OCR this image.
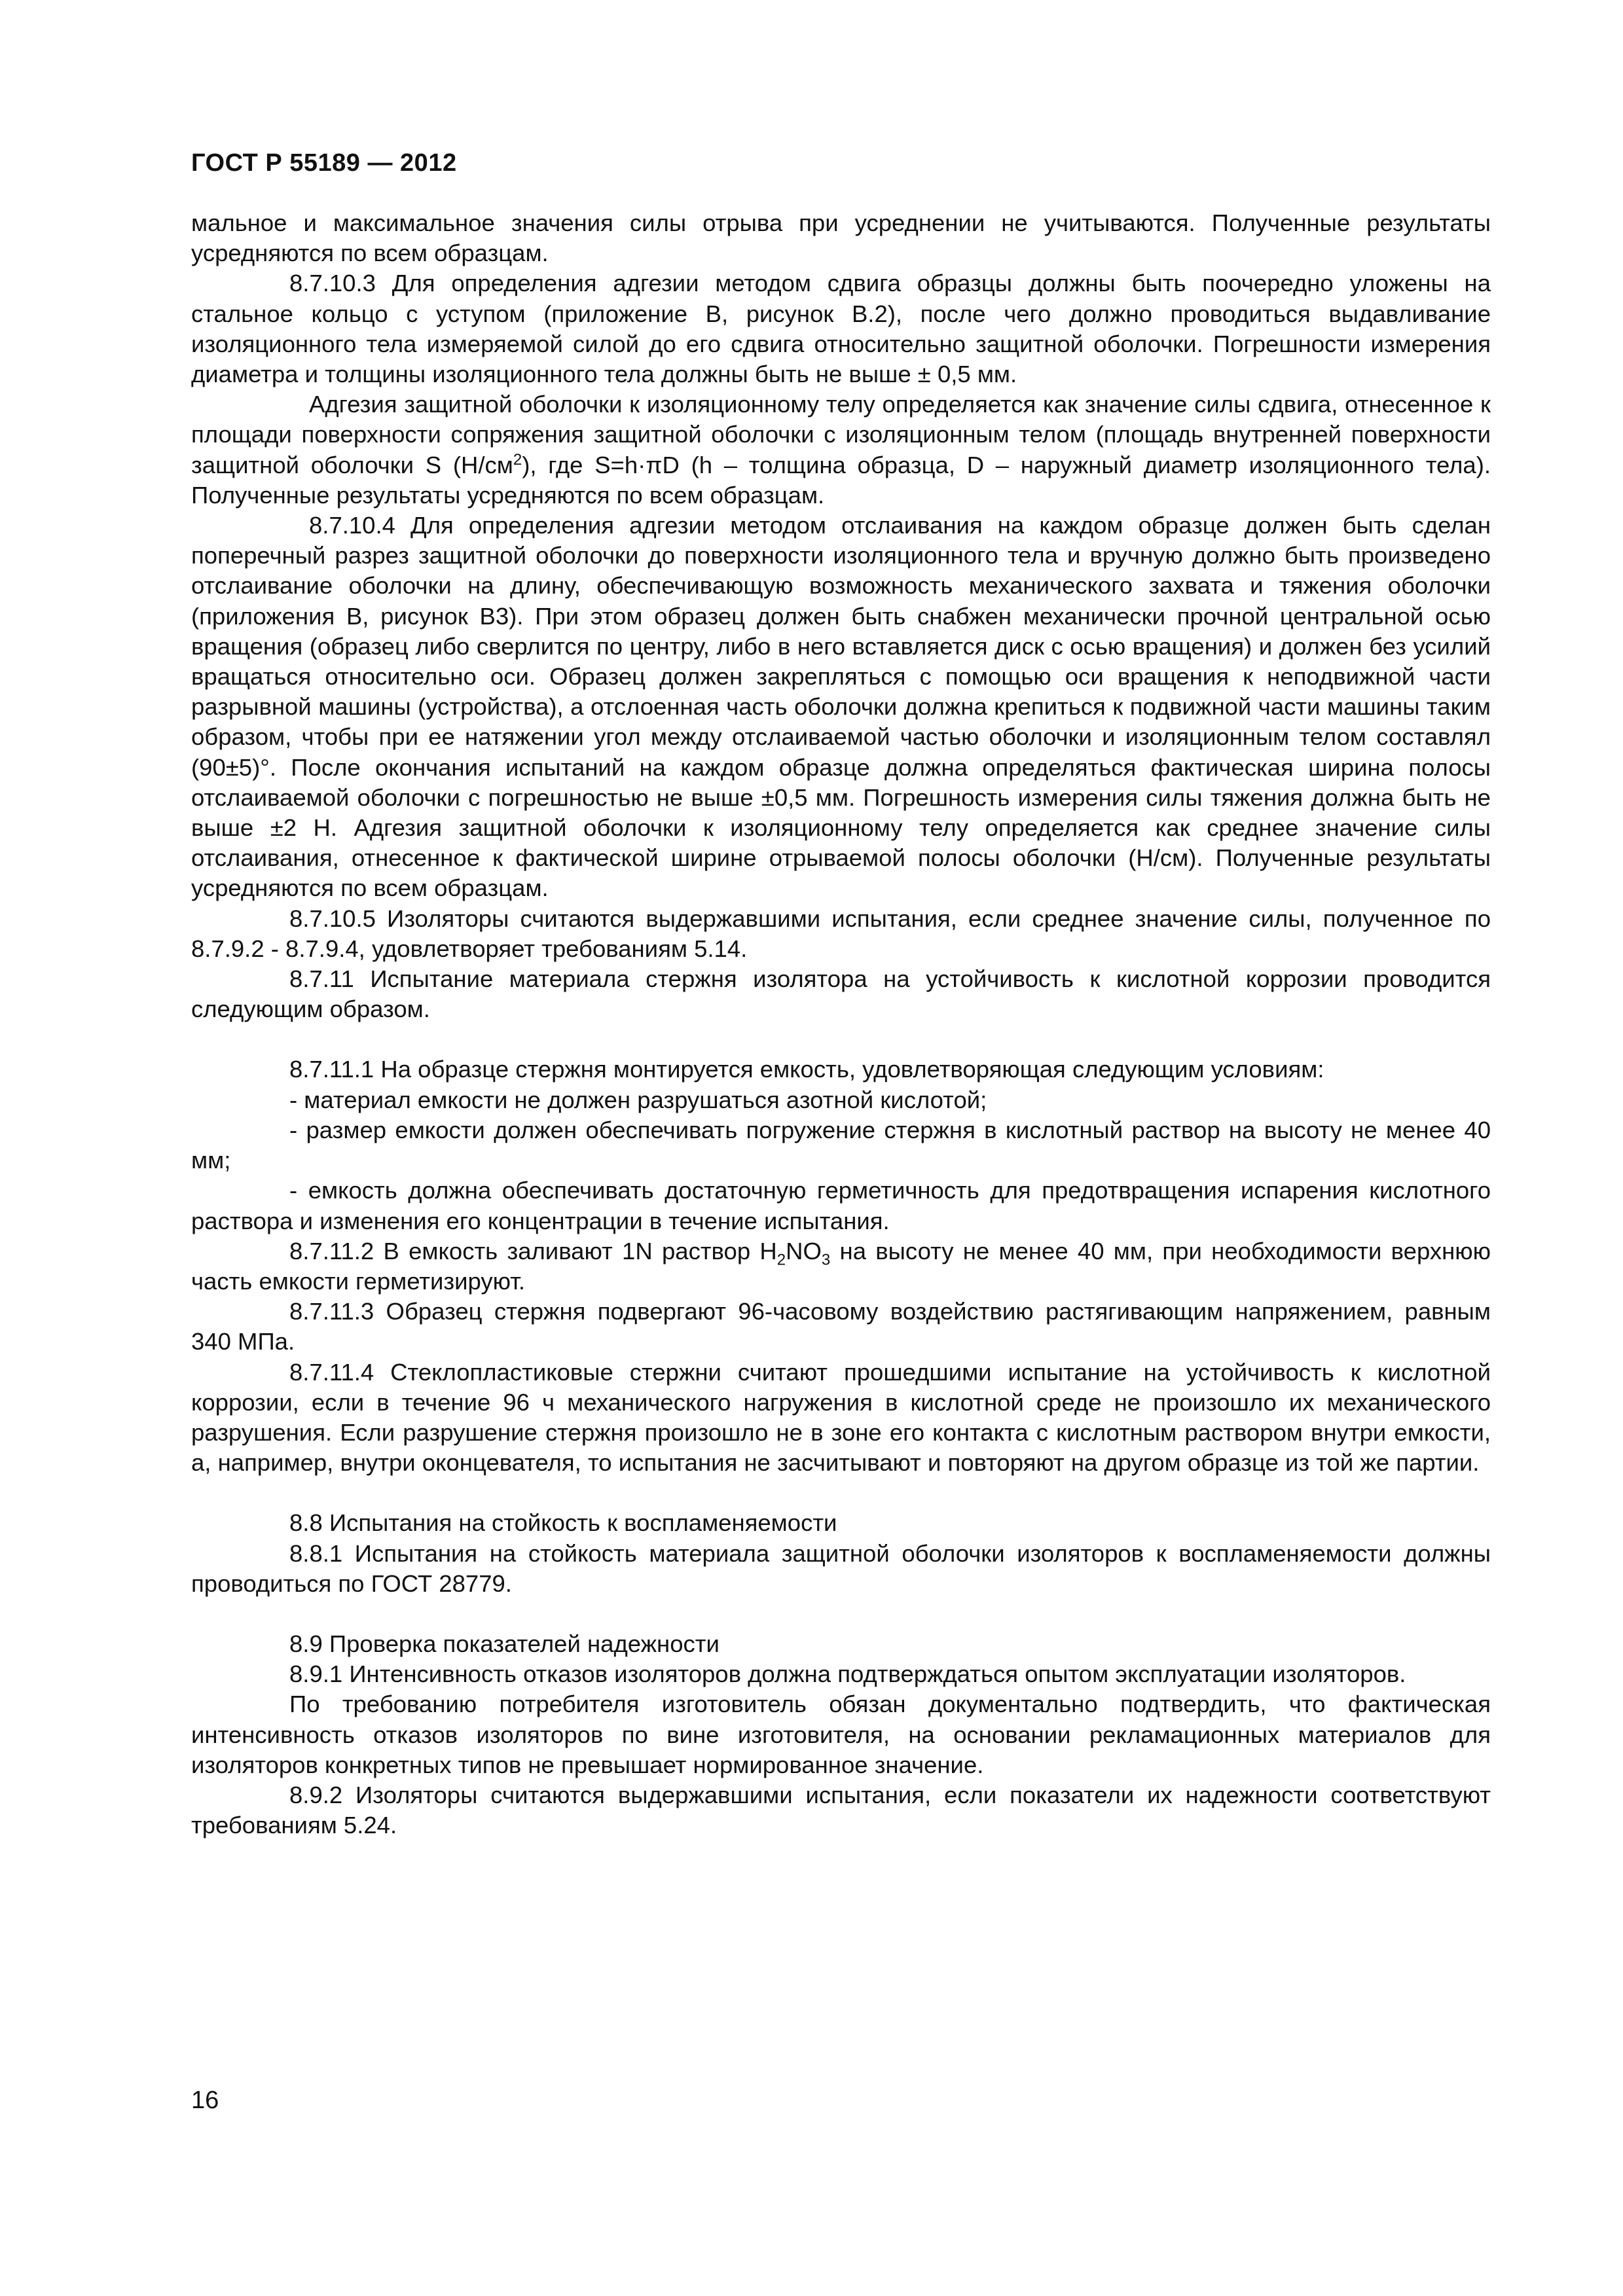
ГОСТ Р 55189 — 2012

мальное и максимальное значения силы отрыва при усреднении не учитываются. Полученные результаты усредняются по всем образцам.

8.7.10.3 Для определения адгезии методом сдвига образцы должны быть поочередно уложены на стальное кольцо с уступом (приложение В, рисунок В.2), после чего должно проводиться выдавливание изоляционного тела измеряемой силой до его сдвига относительно защитной оболочки. Погрешности измерения диаметра и толщины изоляционного тела должны быть не выше ± 0,5 мм.

Адгезия защитной оболочки к изоляционному телу определяется как значение силы сдвига, отнесенное к площади поверхности сопряжения защитной оболочки с изоляционным телом (площадь внутренней поверхности защитной оболочки S $(Н/см^2)$, где S=h·πD (h – толщина образца, D – наружный диаметр изоляционного тела). Полученные результаты усредняются по всем образцам.

8.7.10.4 Для определения адгезии методом отслаивания на каждом образце должен быть сделан поперечный разрез защитной оболочки до поверхности изоляционного тела и вручную должно быть произведено отслаивание оболочки на длину, обеспечивающую возможность механического захвата и тяжения оболочки (приложения В, рисунок В3). При этом образец должен быть снабжен механически прочной центральной осью вращения (образец либо сверлится по центру, либо в него вставляется диск с осью вращения) и должен без усилий вращаться относительно оси. Образец должен закрепляться с помощью оси вращения к неподвижной части разрывной машины (устройства), а отслоенная часть оболочки должна крепиться к подвижной части машины таким образом, чтобы при ее натяжении угол между отслаиваемой частью оболочки и изоляционным телом составлял (90±5)°. После окончания испытаний на каждом образце должна определяться фактическая ширина полосы отслаиваемой оболочки с погрешностью не выше ±0,5 мм. Погрешность измерения силы тяжения должна быть не выше ±2 Н. Адгезия защитной оболочки к изоляционному телу определяется как среднее значение силы отслаивания, отнесенное к фактической ширине отрываемой полосы оболочки (Н/см). Полученные результаты усредняются по всем образцам.

8.7.10.5 Изоляторы считаются выдержавшими испытания, если среднее значение силы, полученное по 8.7.9.2 - 8.7.9.4, удовлетворяет требованиям 5.14.

8.7.11 Испытание материала стержня изолятора на устойчивость к кислотной коррозии проводится следующим образом.

8.7.11.1 На образце стержня монтируется емкость, удовлетворяющая следующим условиям:

- материал емкости не должен разрушаться азотной кислотой;

- размер емкости должен обеспечивать погружение стержня в кислотный раствор на высоту не менее 40 мм;

- емкость должна обеспечивать достаточную герметичность для предотвращения испарения кислотного раствора и изменения его концентрации в течение испытания.

8.7.11.2 В емкость заливают 1N раствор $H_2NO_3$ на высоту не менее 40 мм, при необходимости верхнюю часть емкости герметизируют.

8.7.11.3 Образец стержня подвергают 96-часовому воздействию растягивающим напряжением, равным 340 МПа.

8.7.11.4 Стеклопластиковые стержни считают прошедшими испытание на устойчивость к кислотной коррозии, если в течение 96 ч механического нагружения в кислотной среде не произошло их механического разрушения. Если разрушение стержня произошло не в зоне его контакта с кислотным раствором внутри емкости, а, например, внутри оконцевателя, то испытания не засчитывают и повторяют на другом образце из той же партии.

8.8 Испытания на стойкость к воспламеняемости

8.8.1 Испытания на стойкость материала защитной оболочки изоляторов к воспламеняемости должны проводиться по ГОСТ 28779.

8.9 Проверка показателей надежности

8.9.1 Интенсивность отказов изоляторов должна подтверждаться опытом эксплуатации изоляторов.

По требованию потребителя изготовитель обязан документально подтвердить, что фактическая интенсивность отказов изоляторов по вине изготовителя, на основании рекламационных материалов для изоляторов конкретных типов не превышает нормированное значение.

8.9.2 Изоляторы считаются выдержавшими испытания, если показатели их надежности соответствуют требованиям 5.24.

16
